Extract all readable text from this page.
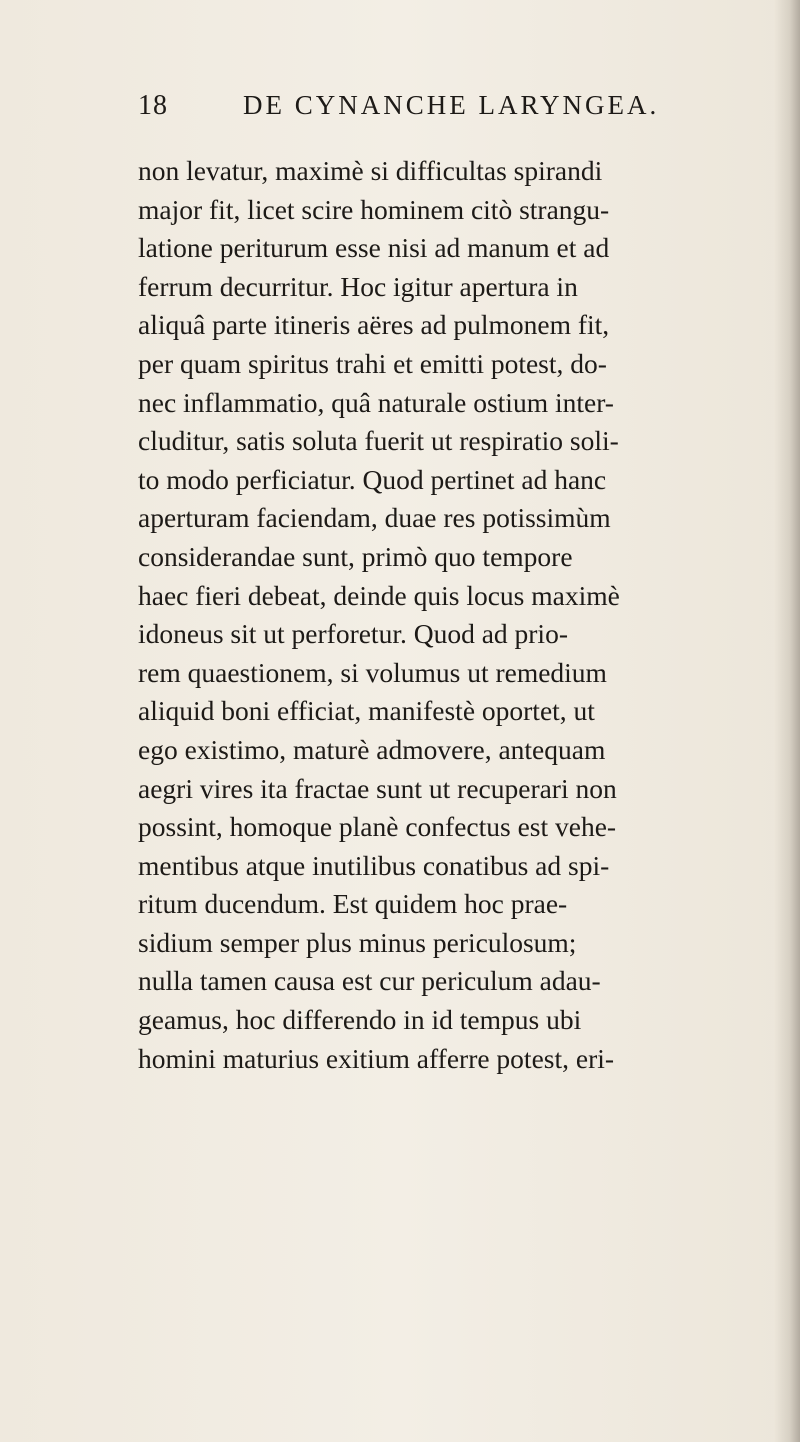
18	DE CYNANCHE LARYNGEA.
non levatur, maximè si difficultas spirandi
major fit, licet scire hominem citò strangu-
latione periturum esse nisi ad manum et ad
ferrum decurritur. Hoc igitur apertura in
aliquâ parte itineris aëres ad pulmonem fit,
per quam spiritus trahi et emitti potest, do-
nec inflammatio, quâ naturale ostium inter-
cluditur, satis soluta fuerit ut respiratio soli-
to modo perficiatur. Quod pertinet ad hanc
aperturam faciendam, duae res potissimùm
considerandae sunt, primò quo tempore
haec fieri debeat, deinde quis locus maximè
idoneus sit ut perforetur. Quod ad prio-
rem quaestionem, si volumus ut remedium
aliquid boni efficiat, manifestè oportet, ut
ego existimo, maturè admovere, antequam
aegri vires ita fractae sunt ut recuperari non
possint, homoque planè confectus est vehe-
mentibus atque inutilibus conatibus ad spi-
ritum ducendum. Est quidem hoc prae-
sidium semper plus minus periculosum;
nulla tamen causa est cur periculum adau-
geamus, hoc differendo in id tempus ubi
homini maturius exitium afferre potest, eri-
